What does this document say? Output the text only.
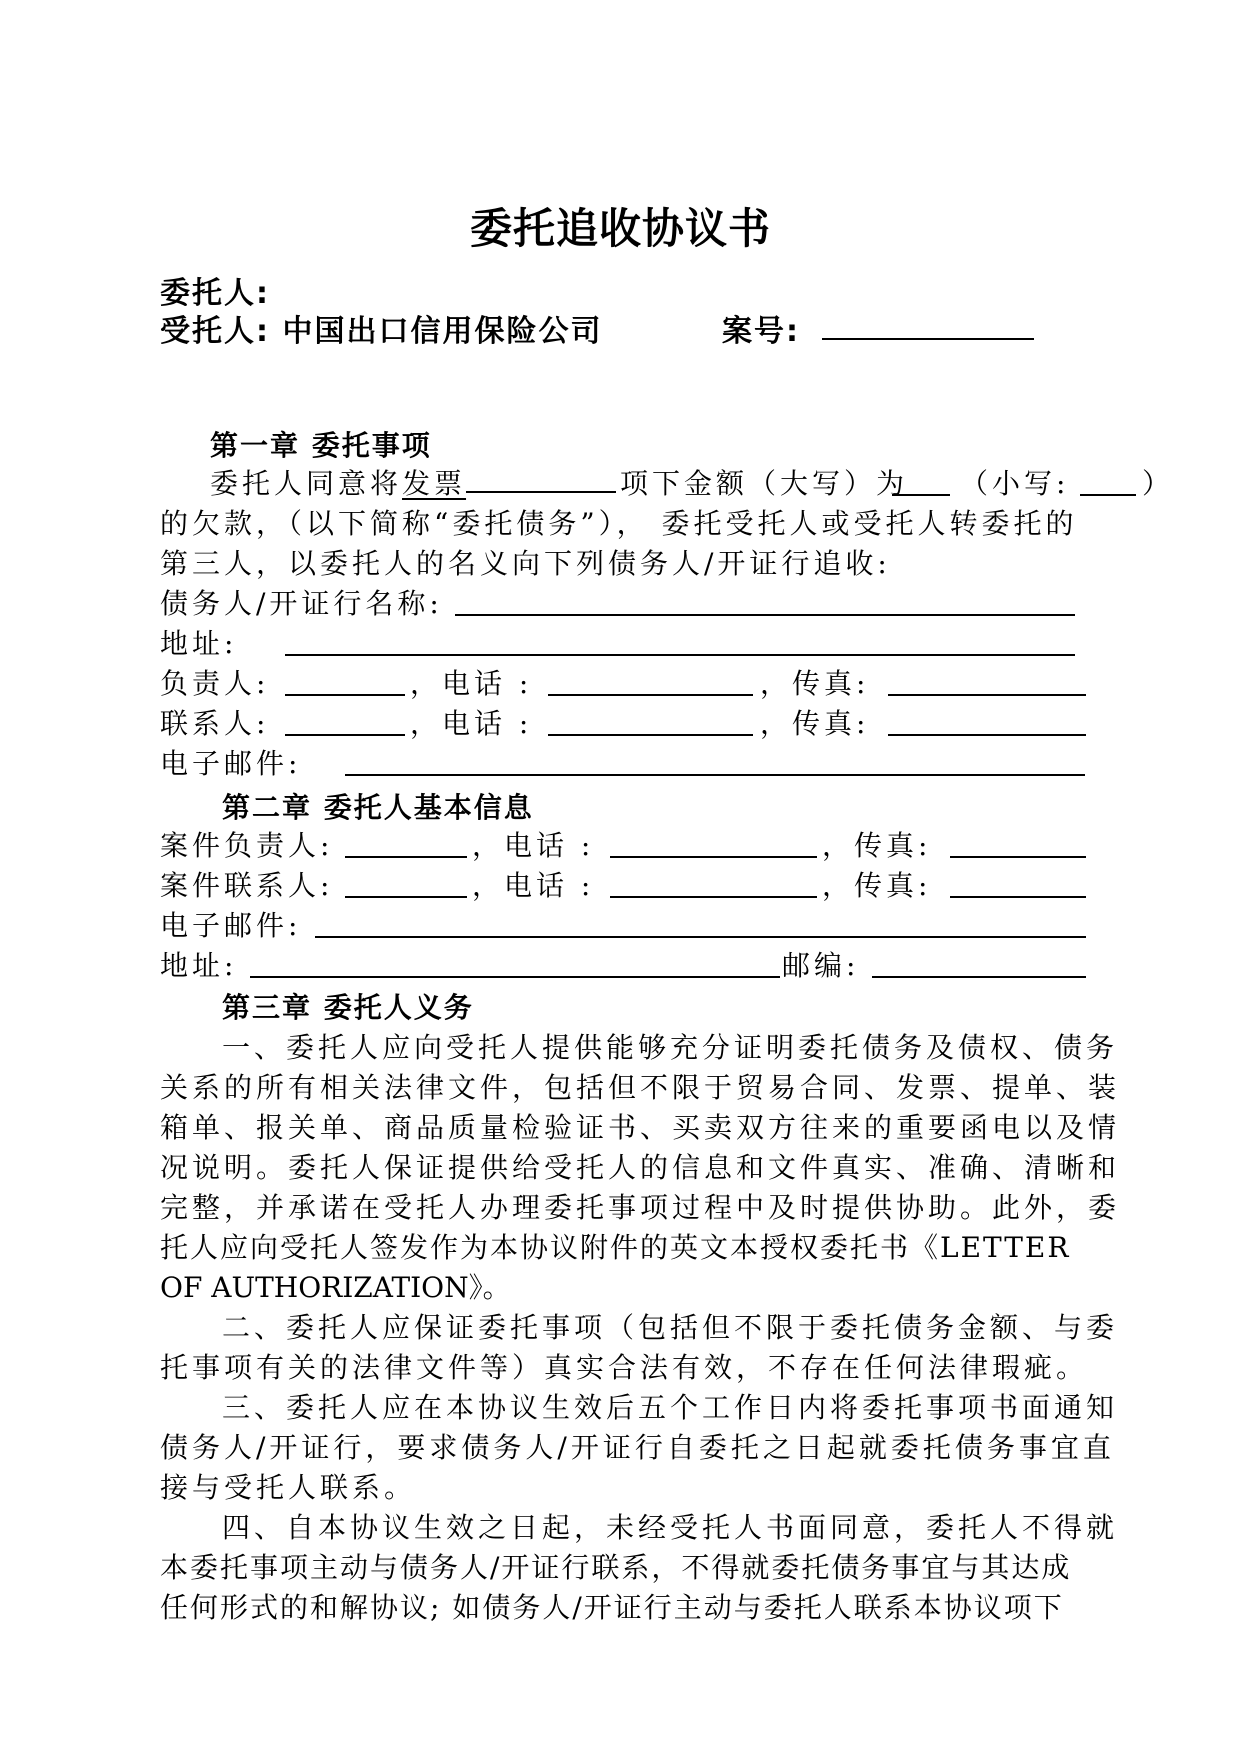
委托追收协议书
委托人:
受托人: 中国出口信用保险公司	案号:
第一章 委托事项
委托人同意将发票	项下金额（大写）为 （小写:	）
的欠款，（以下简称“委托债务”）， 委托受托人或受托人转委托的
第三人，以委托人的名义向下列债务人/开证行追收:
债务人/开证行名称:
地址:
负责人:	，电话 :	，传真:
联系人:	，电话 :	，传真:
电子邮件:
第二章 委托人基本信息
案件负责人:	，电话 :	，传真:
案件联系人:	，电话 :	，传真:
电子邮件:
地址:	邮编:
第三章 委托人义务
一、委托人应向受托人提供能够充分证明委托债务及债权、债务
关系的所有相关法律文件，包括但不限于贸易合同、发票、提单、装
箱单、报关单、商品质量检验证书、买卖双方往来的重要函电以及情
况说明。委托人保证提供给受托人的信息和文件真实、准确、清晰和
完整，并承诺在受托人办理委托事项过程中及时提供协助。此外，委
托人应向受托人签发作为本协议附件的英文本授权委托书《LETTER
OF AUTHORIZATION》。
二、委托人应保证委托事项（包括但不限于委托债务金额、与委
托事项有关的法律文件等）真实合法有效，不存在任何法律瑕疵。
三、委托人应在本协议生效后五个工作日内将委托事项书面通知
债务人/开证行，要求债务人/开证行自委托之日起就委托债务事宜直
接与受托人联系。
四、自本协议生效之日起，未经受托人书面同意，委托人不得就
本委托事项主动与债务人/开证行联系，不得就委托债务事宜与其达成
任何形式的和解协议; 如债务人/开证行主动与委托人联系本协议项下
